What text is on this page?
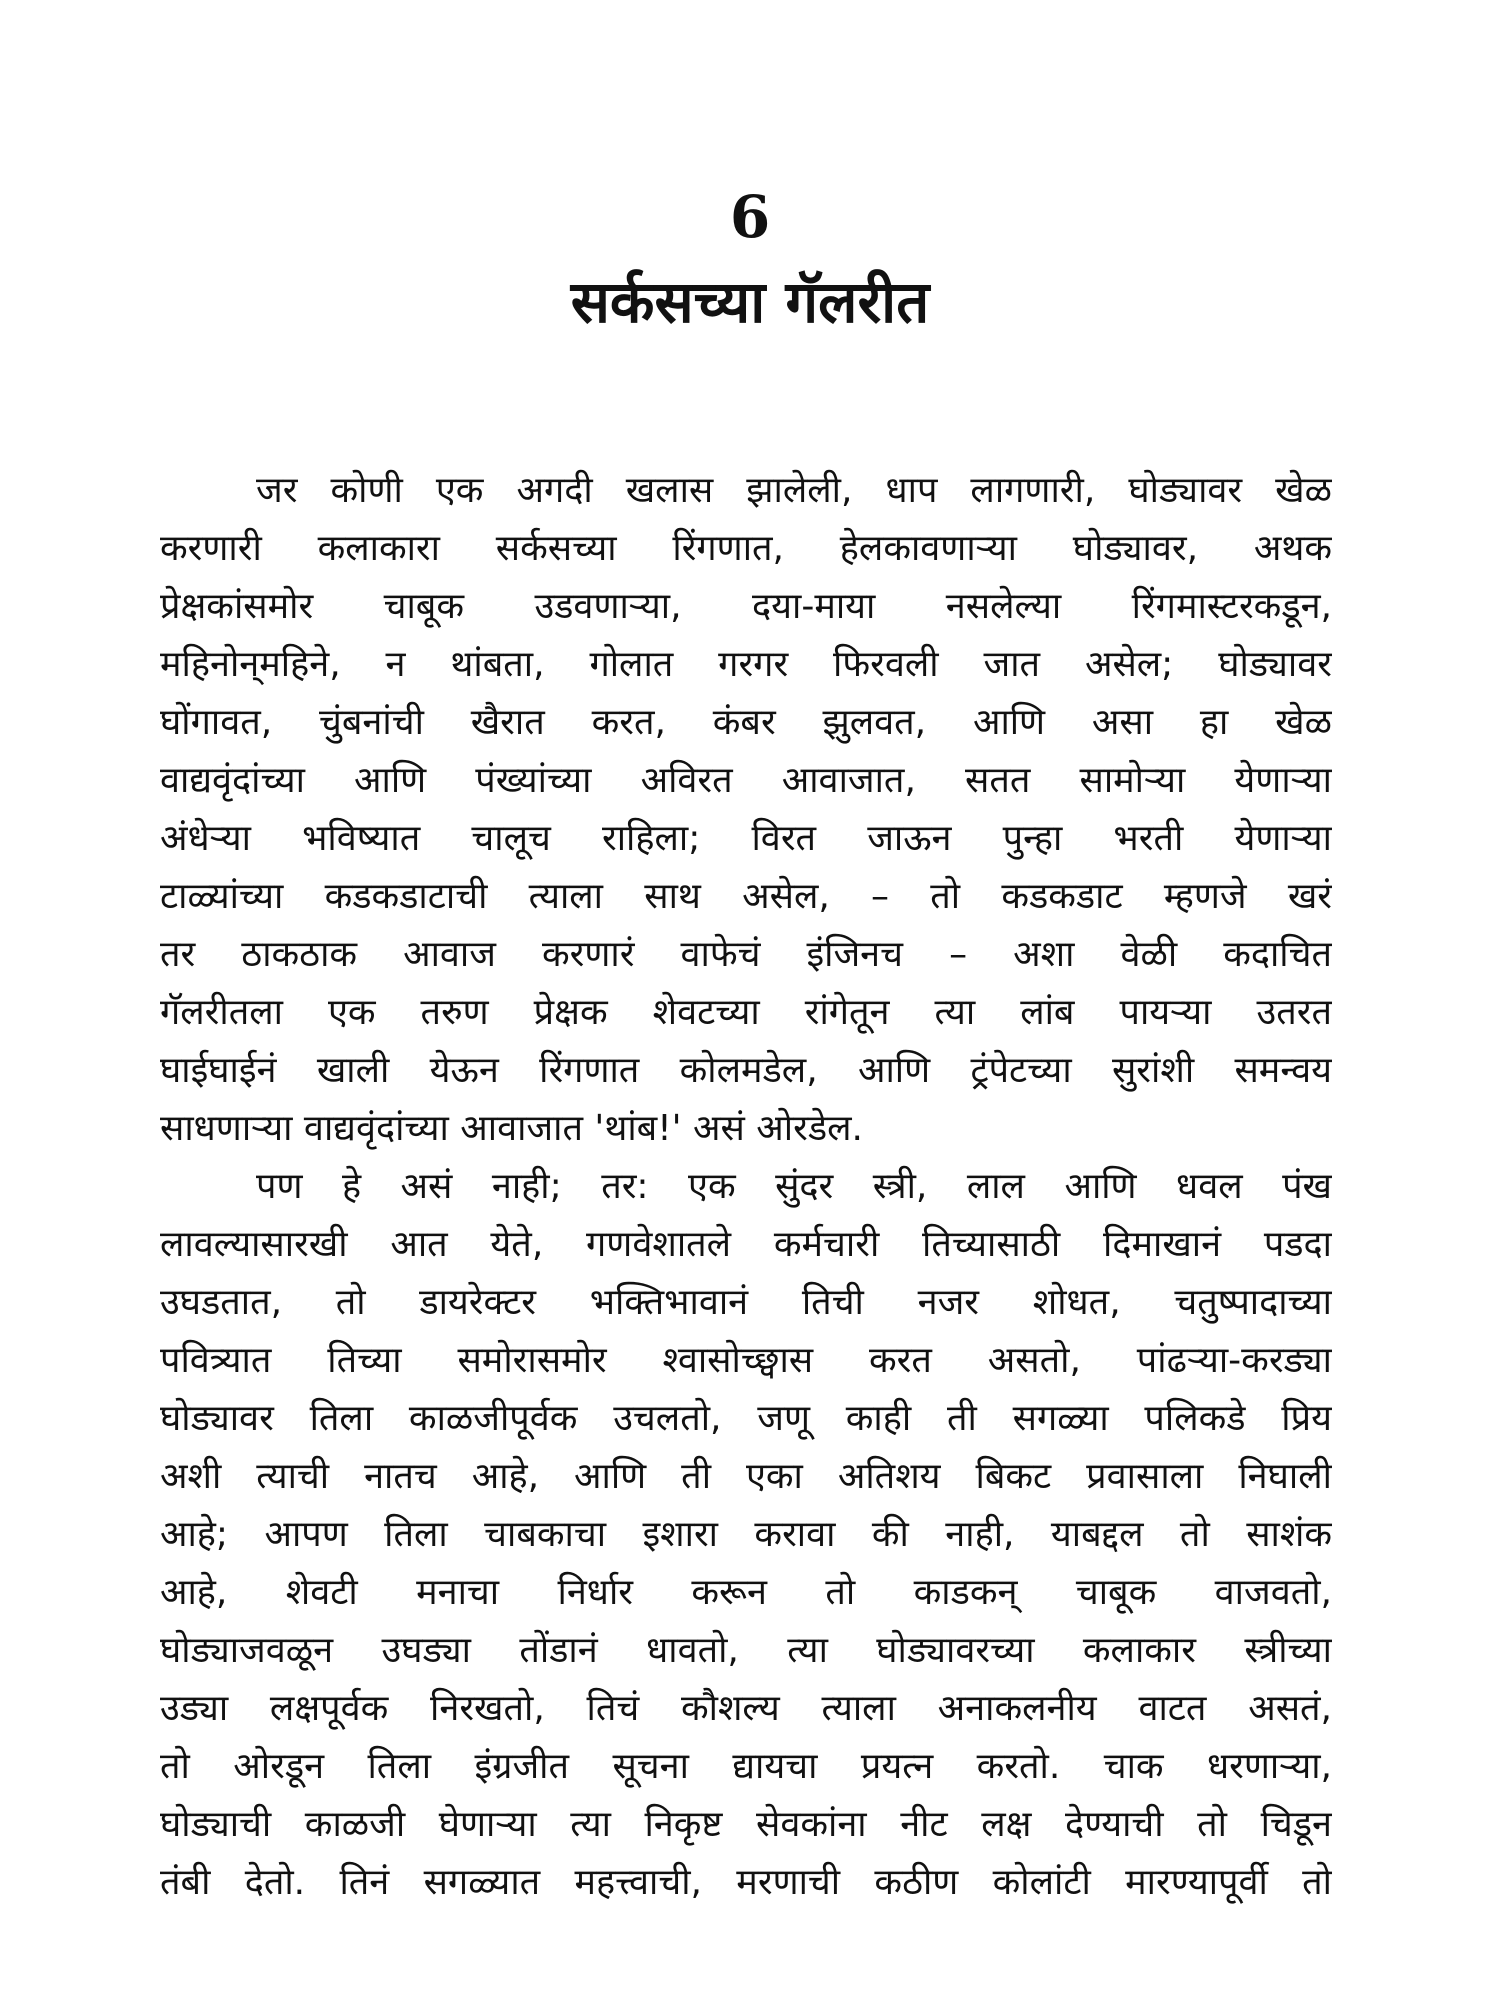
6
सर्कसच्या गॅलरीत
जर कोणी एक अगदी खलास झालेली, धाप लागणारी, घोड्यावर खेळ
करणारी कलाकारा सर्कसच्या रिंगणात, हेलकावणाऱ्या घोड्यावर, अथक
प्रेक्षकांसमोर चाबूक उडवणाऱ्या, दया-माया नसलेल्या रिंगमास्टरकडून,
महिनोन्‌महिने, न थांबता, गोलात गरगर फिरवली जात असेल; घोड्यावर
घोंगावत, चुंबनांची खैरात करत, कंबर झुलवत, आणि असा हा खेळ
वाद्यवृंदांच्या आणि पंख्यांच्या अविरत आवाजात, सतत सामोऱ्या येणाऱ्या
अंधेऱ्या भविष्यात चालूच राहिला; विरत जाऊन पुन्हा भरती येणाऱ्या
टाळ्यांच्या कडकडाटाची त्याला साथ असेल, – तो कडकडाट म्हणजे खरं
तर ठाकठाक आवाज करणारं वाफेचं इंजिनच – अशा वेळी कदाचित
गॅलरीतला एक तरुण प्रेक्षक शेवटच्या रांगेतून त्या लांब पायऱ्या उतरत
घाईघाईनं खाली येऊन रिंगणात कोलमडेल, आणि ट्रंपेटच्या सुरांशी समन्वय
साधणाऱ्या वाद्यवृंदांच्या आवाजात 'थांब!' असं ओरडेल.
पण हे असं नाही; तर: एक सुंदर स्त्री, लाल आणि धवल पंख
लावल्यासारखी आत येते, गणवेशातले कर्मचारी तिच्यासाठी दिमाखानं पडदा
उघडतात, तो डायरेक्टर भक्तिभावानं तिची नजर शोधत, चतुष्पादाच्या
पवित्र्यात तिच्या समोरासमोर श्वासोच्छ्वास करत असतो, पांढऱ्या-करड्या
घोड्यावर तिला काळजीपूर्वक उचलतो, जणू काही ती सगळ्या पलिकडे प्रिय
अशी त्याची नातच आहे, आणि ती एका अतिशय बिकट प्रवासाला निघाली
आहे; आपण तिला चाबकाचा इशारा करावा की नाही, याबद्दल तो साशंक
आहे, शेवटी मनाचा निर्धार करून तो काडकन् चाबूक वाजवतो,
घोड्याजवळून उघड्या तोंडानं धावतो, त्या घोड्यावरच्या कलाकार स्त्रीच्या
उड्या लक्षपूर्वक निरखतो, तिचं कौशल्य त्याला अनाकलनीय वाटत असतं,
तो ओरडून तिला इंग्रजीत सूचना द्यायचा प्रयत्न करतो. चाक धरणाऱ्या,
घोड्याची काळजी घेणाऱ्या त्या निकृष्ट सेवकांना नीट लक्ष देण्याची तो चिडून
तंबी देतो. तिनं सगळ्यात महत्त्वाची, मरणाची कठीण कोलांटी मारण्यापूर्वी तो
